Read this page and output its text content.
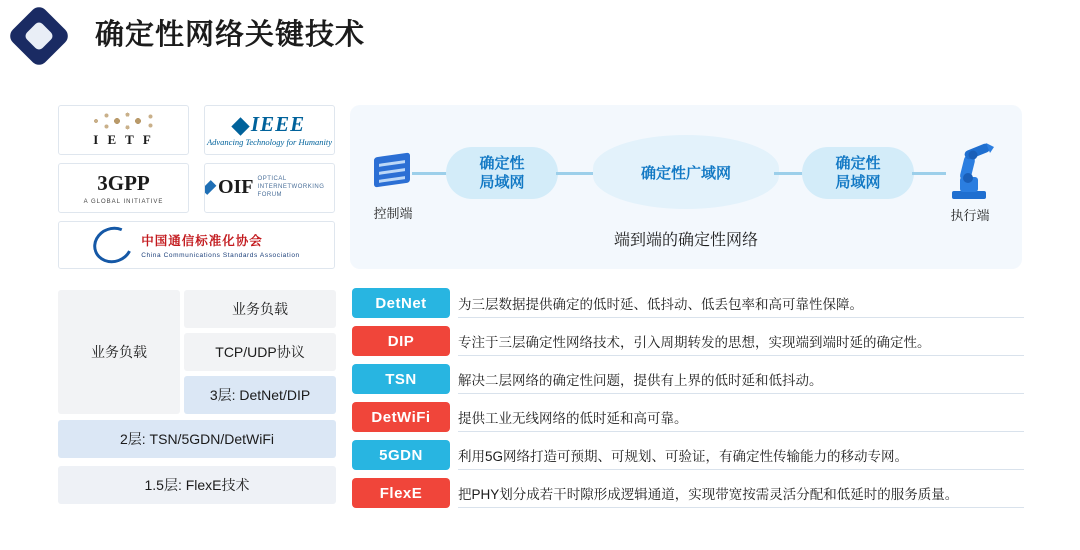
确定性网络关键技术
I E T F
IEEE
Advancing Technology for Humanity
3GPP
A GLOBAL INITIATIVE
OIF OPTICAL INTERNETWORKING FORUM
中国通信标准化协会
China Communications Standards Association
控制端
确定性
局域网
确定性广域网
确定性
局域网
执行端
端到端的确定性网络
业务负载
业务负载
TCP/UDP协议
3层: DetNet/DIP
2层: TSN/5GDN/DetWiFi
1.5层: FlexE技术
DetNet	为三层数据提供确定的低时延、低抖动、低丢包率和高可靠性保障。
DIP	专注于三层确定性网络技术，引入周期转发的思想，实现端到端时延的确定性。
TSN	解决二层网络的确定性问题，提供有上界的低时延和低抖动。
DetWiFi	提供工业无线网络的低时延和高可靠。
5GDN	利用5G网络打造可预期、可规划、可验证，有确定性传输能力的移动专网。
FlexE	把PHY划分成若干时隙形成逻辑通道，实现带宽按需灵活分配和低延时的服务质量。
